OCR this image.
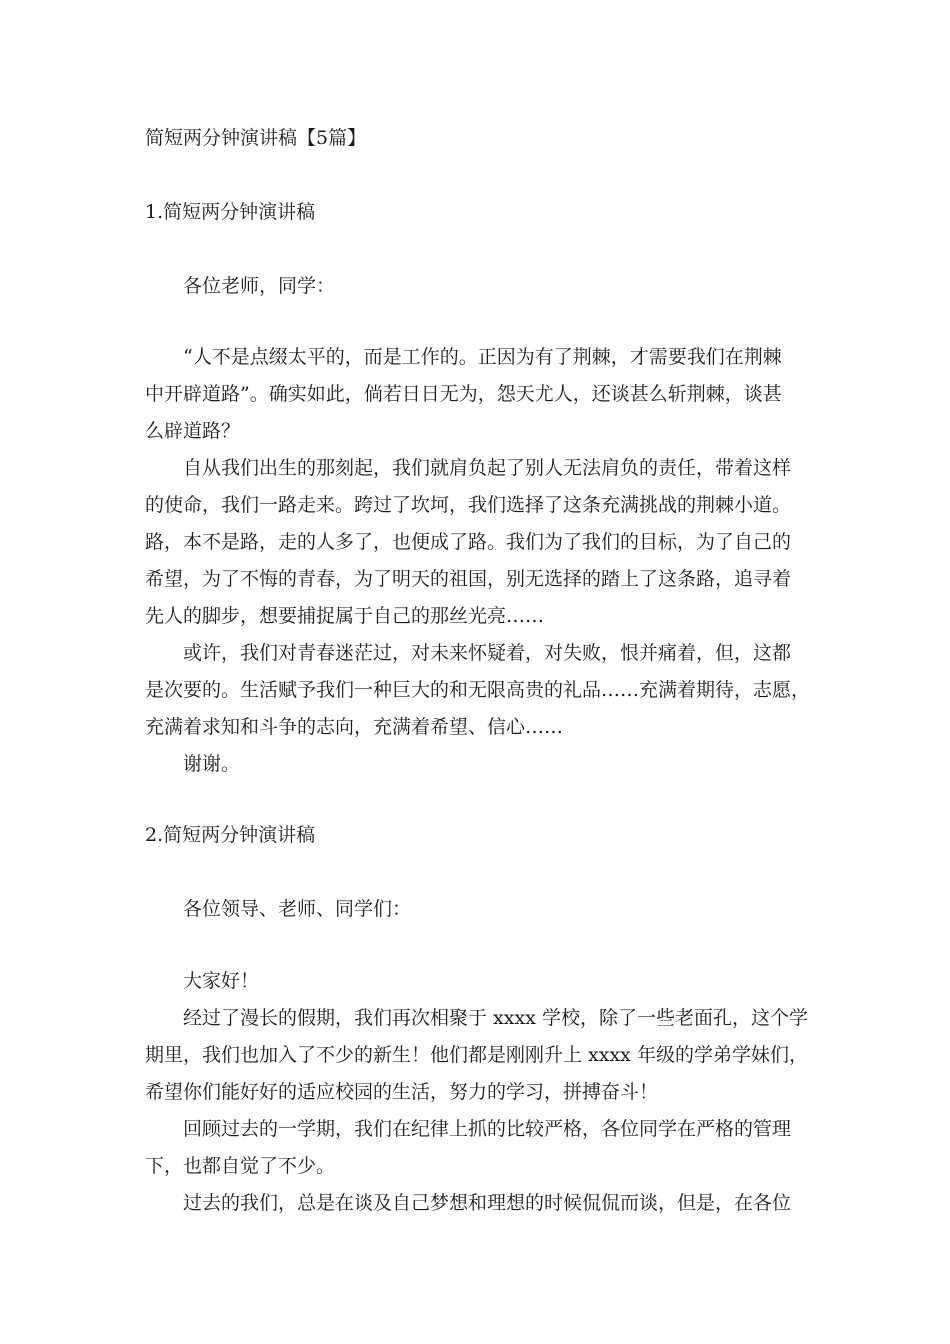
简短两分钟演讲稿【5篇】

1.简短两分钟演讲稿

各位老师，同学：

“人不是点缀太平的，而是工作的。正因为有了荆棘，才需要我们在荆棘
中开辟道路”。确实如此，倘若日日无为，怨天尤人，还谈甚么斩荆棘，谈甚
么辟道路？
自从我们出生的那刻起，我们就肩负起了别人无法肩负的责任，带着这样
的使命，我们一路走来。跨过了坎坷，我们选择了这条充满挑战的荆棘小道。
路，本不是路，走的人多了，也便成了路。我们为了我们的目标，为了自己的
希望，为了不悔的青春，为了明天的祖国，别无选择的踏上了这条路，追寻着
先人的脚步，想要捕捉属于自己的那丝光亮……
或许，我们对青春迷茫过，对未来怀疑着，对失败，恨并痛着，但，这都
是次要的。生活赋予我们一种巨大的和无限高贵的礼品……充满着期待，志愿，
充满着求知和斗争的志向，充满着希望、信心……
谢谢。

2.简短两分钟演讲稿

各位领导、老师、同学们：

大家好！
经过了漫长的假期，我们再次相聚于 xxxx 学校，除了一些老面孔，这个学
期里，我们也加入了不少的新生！他们都是刚刚升上 xxxx 年级的学弟学妹们，
希望你们能好好的适应校园的生活，努力的学习，拼搏奋斗！
回顾过去的一学期，我们在纪律上抓的比较严格，各位同学在严格的管理
下，也都自觉了不少。
过去的我们，总是在谈及自己梦想和理想的时候侃侃而谈，但是，在各位
